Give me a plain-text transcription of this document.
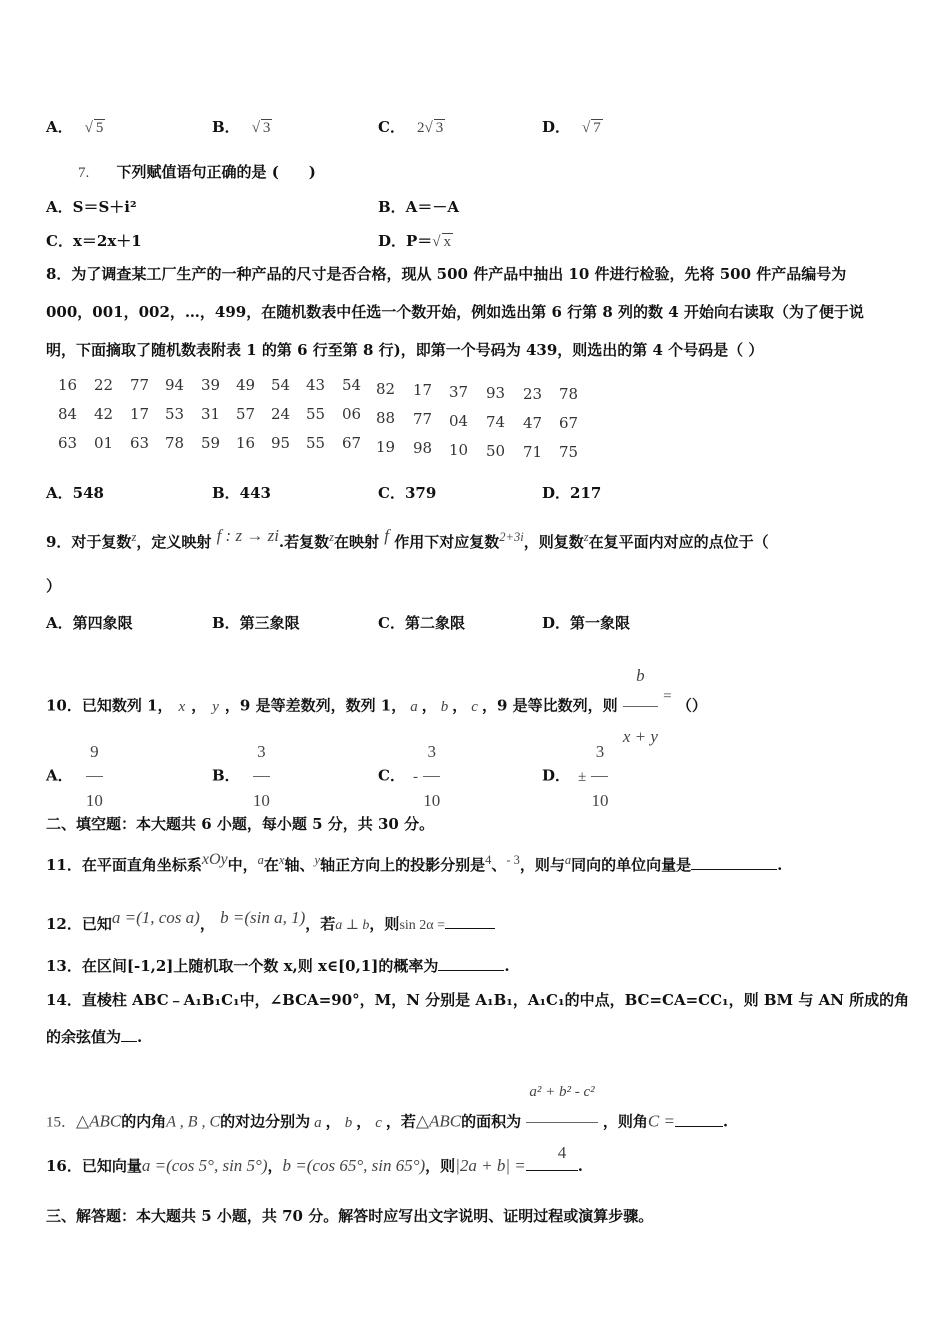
A． √ 5	B． √ 3	C． 2√ 3	D． √ 7
7. 下列赋值语句正确的是 (　　)
A．S＝S＋i²	B．A＝－A
C．x＝2x＋1	D．P＝√ x
8．为了调查某工厂生产的一种产品的尺寸是否合格，现从 500 件产品中抽出 10 件进行检验，先将 500 件产品编号为
000，001，002，…，499，在随机数表中任选一个数开始，例如选出第 6 行第 8 列的数 4 开始向右读取（为了便于说
明，下面摘取了随机数表附表 1 的第 6 行至第 8 行)，即第一个号码为 439，则选出的第 4 个号码是（ ）
16 22 77 94 39 49 54 43 54 82 17 37 93 23 78
84 42 17 53 31 57 24 55 06 88 77 04 74 47 67
63 01 63 78 59 16 95 55 67 19 98 10 50 71 75
A．548	B．443	C．379	D．217
9．对于复数$^z$，定义映射 f : z → zi.若复数$^z$在映射 f 作用下对应复数$^{2+3i}$，则复数$^z$在复平面内对应的点位于（
）
A．第四象限	B．第三象限	C．第二象限	D．第一象限
10．已知数列 1， x ， y ，9 是等差数列，数列 1， a ， b ， c ，9 是等比数列，则 $\frac{b}{x + y}$ = （）
A． $\frac{9}{10}$	B． $\frac{3}{10}$	C． - $\frac{3}{10}$	D． ± $\frac{3}{10}$
二、填空题：本大题共 6 小题，每小题 5 分，共 30 分。
11．在平面直角坐标系$^{xOy}$中，$^a$在$^x$轴、$^y$轴正方向上的投影分别是$^4$、$^{- 3}$，则与$^a$同向的单位向量是	.
12．已知a =(1, cos a)， b =(sin a, 1)，若a ⊥ b，则sin 2α =
13．在区间[-1,2]上随机取一个数 x,则 x∈[0,1]的概率为	.
14．直棱柱 ABC﹣A₁B₁C₁中，∠BCA=90°，M，N 分别是 A₁B₁，A₁C₁的中点，BC=CA=CC₁，则 BM 与 AN 所成的角
的余弦值为 .
15．△ABC的内角A , B , C的对边分别为 a ， b ， c ，若△ABC的面积为 $\frac{\text{a² + b² - c²}}{4}$ ，则角C =	.
16．已知向量a =(cos 5°, sin 5°)，b =(cos 65°, sin 65°)，则|2a + b| =	.
三、解答题：本大题共 5 小题，共 70 分。解答时应写出文字说明、证明过程或演算步骤。
